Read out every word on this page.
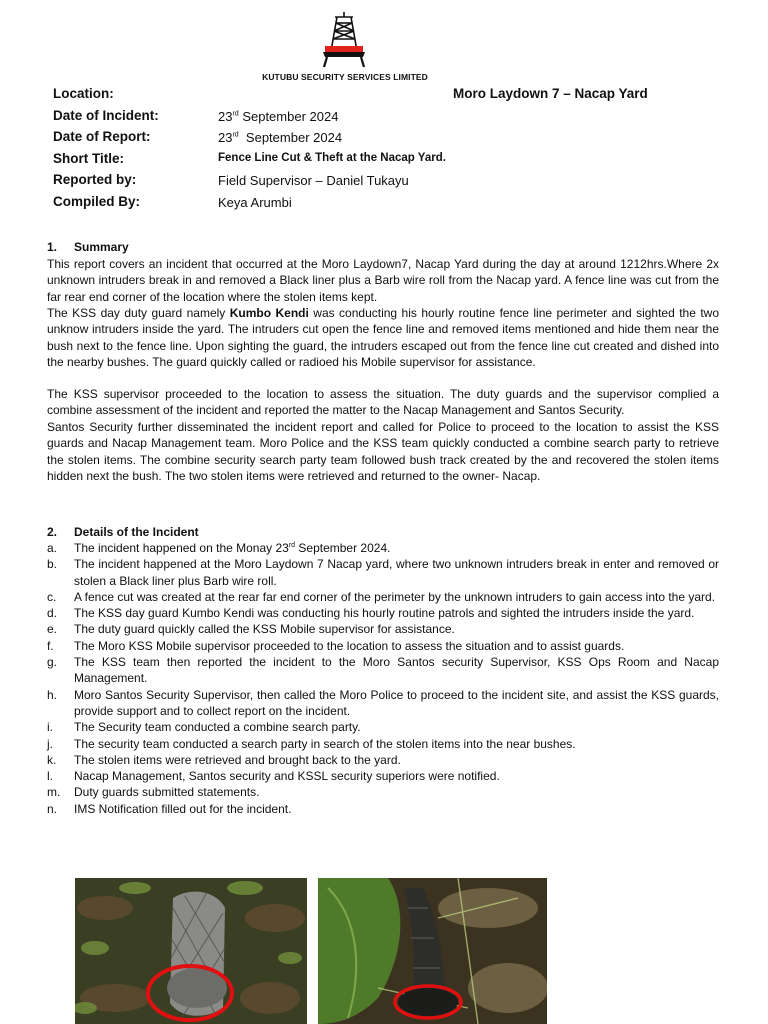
KUTUBU SECURITY SERVICES LIMITED
Location:	Moro Laydown 7 – Nacap Yard
Date of Incident:	23rd September 2024
Date of Report:	23rd  September 2024
Short Title:	Fence Line Cut & Theft at the Nacap Yard.
Reported by:	Field Supervisor – Daniel Tukayu
Compiled By:	Keya Arumbi
1. Summary

This report covers an incident that occurred at the Moro Laydown7, Nacap Yard during the day at around 1212hrs.Where 2x unknown intruders break in and removed a Black liner plus a Barb wire roll from the Nacap yard. A fence line was cut from the far rear end corner of the location where the stolen items kept.

The KSS day duty guard namely Kumbo Kendi was conducting his hourly routine fence line perimeter and sighted the two unknow intruders inside the yard. The intruders cut open the fence line and removed items mentioned and hide them near the bush next to the fence line. Upon sighting the guard, the intruders escaped out from the fence line cut created and dished into the nearby bushes. The guard quickly called or radioed his Mobile supervisor for assistance.

The KSS supervisor proceeded to the location to assess the situation. The duty guards and the supervisor complied a combine assessment of the incident and reported the matter to the Nacap Management and Santos Security.

Santos Security further disseminated the incident report and called for Police to proceed to the location to assist the KSS guards and Nacap Management team. Moro Police and the KSS team quickly conducted a combine search party to retrieve the stolen items. The combine security search party team followed bush track created by the and recovered the stolen items hidden next the bush. The two stolen items were retrieved and returned to the owner- Nacap.

2. Details of the Incident
a. The incident happened on the Monay 23rd September 2024.
b. The incident happened at the Moro Laydown 7 Nacap yard, where two unknown intruders break in enter and removed or stolen a Black liner plus Barb wire roll.
c. A fence cut was created at the rear far end corner of the perimeter by the unknown intruders to gain access into the yard.
d. The KSS day guard Kumbo Kendi was conducting his hourly routine patrols and sighted the intruders inside the yard.
e. The duty guard quickly called the KSS Mobile supervisor for assistance.
f. The Moro KSS Mobile supervisor proceeded to the location to assess the situation and to assist guards.
g. The KSS team then reported the incident to the Moro Santos security Supervisor, KSS Ops Room and Nacap Management.
h. Moro Santos Security Supervisor, then called the Moro Police to proceed to the incident site, and assist the KSS guards, provide support and to collect report on the incident.
i. The Security team conducted a combine search party.
j. The security team conducted a search party in search of the stolen items into the near bushes.
k. The stolen items were retrieved and brought back to the yard.
l. Nacap Management, Santos security and KSSL security superiors were notified.
m. Duty guards submitted statements.
n. IMS Notification filled out for the incident.
